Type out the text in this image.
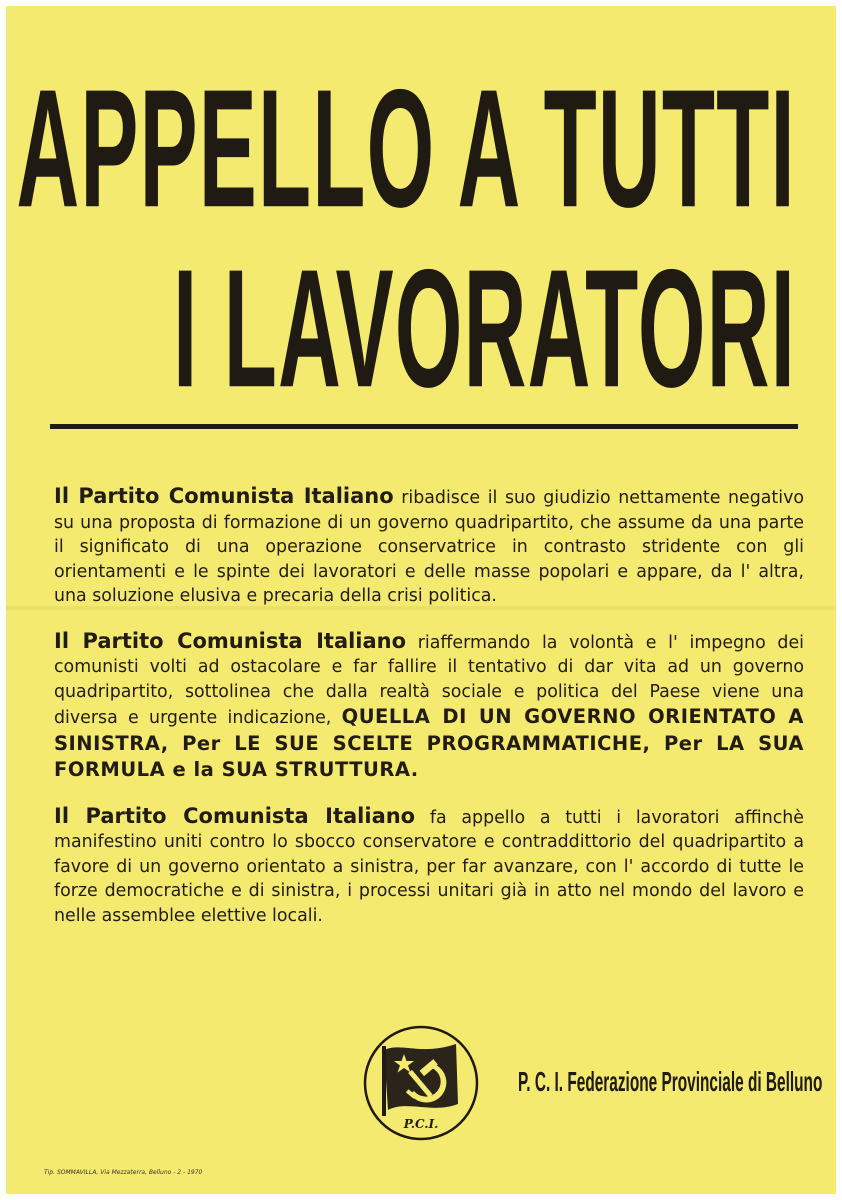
APPELLO A TUTTI
I LAVORATORI

Il Partito Comunista Italiano ribadisce il suo giudizio nettamente negativo su una proposta di formazione di un governo quadripartito, che assume da una parte il significato di una operazione conservatrice in contrasto stridente con gli orientamenti e le spinte dei lavoratori e delle masse popolari e appare, da l' altra, una soluzione elusiva e precaria della crisi politica.

Il Partito Comunista Italiano riaffermando la volontà e l' impegno dei comunisti volti ad ostacolare e far fallire il tentativo di dar vita ad un governo quadripartito, sottolinea che dalla realtà sociale e politica del Paese viene una diversa e urgente indicazione, QUELLA DI UN GOVERNO ORIENTATO A SINISTRA, Per LE SUE SCELTE PROGRAMMATICHE, Per LA SUA FORMULA e la SUA STRUTTURA.

Il Partito Comunista Italiano fa appello a tutti i lavoratori affinchè manifestino uniti contro lo sbocco conservatore e contraddittorio del quadripartito a favore di un governo orientato a sinistra, per far avanzare, con l' accordo di tutte le forze democratiche e di sinistra, i processi unitari già in atto nel mondo del lavoro e nelle assemblee elettive locali.

P.C.I.
P. C. I. Federazione Provinciale di Belluno
Tip. SOMMAVILLA, Via Mezzaterra, Belluno - 2 - 1970
